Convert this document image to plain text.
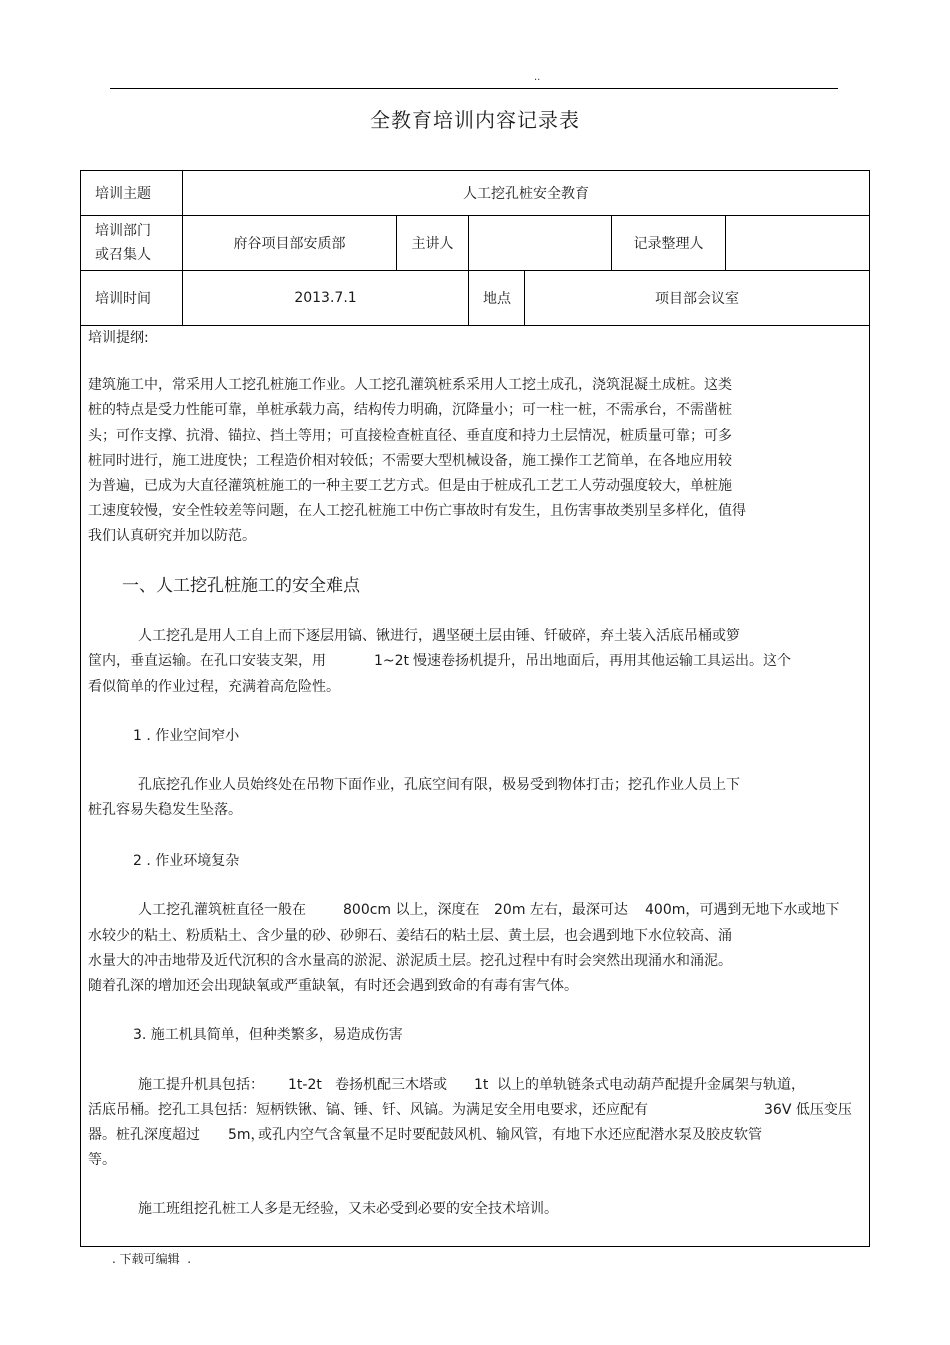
..
全教育培训内容记录表
培训主题	人工挖孔桩安全教育					
培训部门
或召集人	府谷项目部安质部	主讲人			记录整理人	
培训时间	2013.7.1		地点	项目部会议室		
培训提纲:
建筑施工中，常采用人工挖孔桩施工作业。人工挖孔灌筑桩系采用人工挖土成孔，浇筑混凝土成桩。这类
桩的特点是受力性能可靠，单桩承载力高，结构传力明确，沉降量小；可一柱一桩，不需承台，不需凿桩
头；可作支撑、抗滑、锚拉、挡土等用；可直接检查桩直径、垂直度和持力土层情况，桩质量可靠；可多
桩同时进行，施工进度快；工程造价相对较低；不需要大型机械设备，施工操作工艺简单，在各地应用较
为普遍，已成为大直径灌筑桩施工的一种主要工艺方式。但是由于桩成孔工艺工人劳动强度较大，单桩施
工速度较慢，安全性较差等问题，在人工挖孔桩施工中伤亡事故时有发生，且伤害事故类别呈多样化，值得
我们认真研究并加以防范。
一、人工挖孔桩施工的安全难点
人工挖孔是用人工自上而下逐层用镐、锹进行，遇坚硬土层由锤、钎破碎，弃土装入活底吊桶或箩
筐内，垂直运输。在孔口安装支架，用	1~2t 慢速卷扬机提升，吊出地面后，再用其他运输工具运出。这个
看似简单的作业过程，充满着高危险性。
1 . 作业空间窄小
孔底挖孔作业人员始终处在吊物下面作业，孔底空间有限，极易受到物体打击；挖孔作业人员上下
桩孔容易失稳发生坠落。
2 . 作业环境复杂
人工挖孔灌筑桩直径一般在	800cm 以上，深度在 20m 左右，最深可达 400m，可遇到无地下水或地下
水较少的粘土、粉质粘土、含少量的砂、砂卵石、姜结石的粘土层、黄土层，也会遇到地下水位较高、涌
水量大的冲击地带及近代沉积的含水量高的淤泥、淤泥质土层。挖孔过程中有时会突然出现涌水和涌泥。
随着孔深的增加还会出现缺氧或严重缺氧，有时还会遇到致命的有毒有害气体。
3. 施工机具简单，但种类繁多，易造成伤害
施工提升机具包括： 1t-2t 卷扬机配三木塔或 1t 以上的单轨链条式电动葫芦配提升金属架与轨道，
活底吊桶。挖孔工具包括：短柄铁锹、镐、锤、钎、风镐。为满足安全用电要求，还应配有	36V 低压变压
器。桩孔深度超过 5m，
或孔内空气含氧量不足时要配鼓风机、输风管，有地下水还应配潜水泵及胶皮软管
等。
施工班组挖孔桩工人多是无经验，又未必受到必要的安全技术培训。
. 下载可编辑  .
